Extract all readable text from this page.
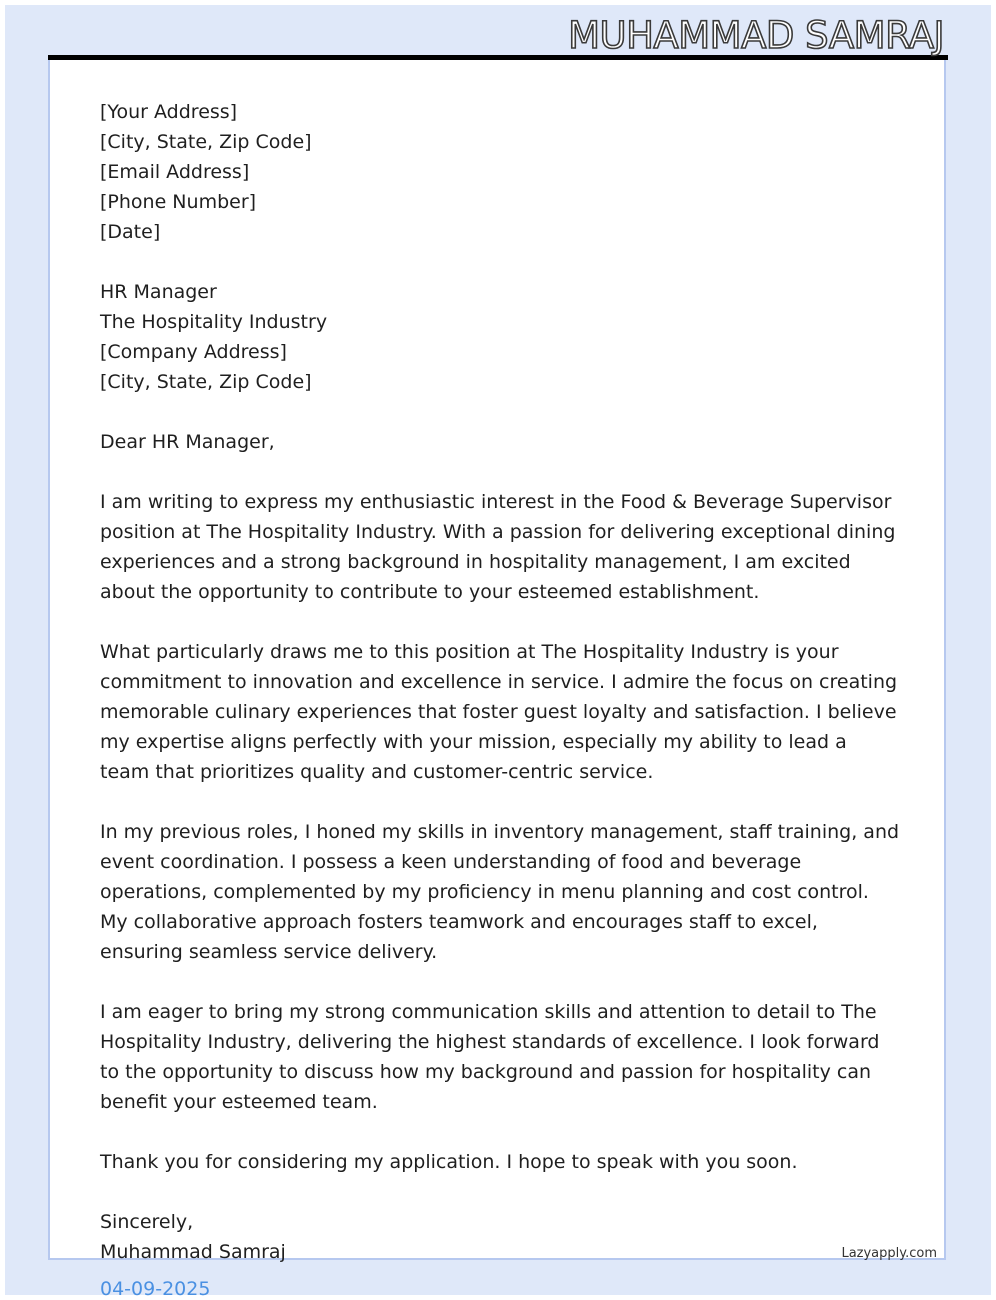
MUHAMMAD SAMRAJ

[Your Address]

[City, State, Zip Code]

[Email Address]

[Phone Number]

[Date]

HR Manager

The Hospitality Industry

[Company Address]

[City, State, Zip Code]

Dear HR Manager,

I am writing to express my enthusiastic interest in the Food & Beverage Supervisor position at The Hospitality Industry. With a passion for delivering exceptional dining experiences and a strong background in hospitality management, I am excited about the opportunity to contribute to your esteemed establishment.

What particularly draws me to this position at The Hospitality Industry is your commitment to innovation and excellence in service. I admire the focus on creating memorable culinary experiences that foster guest loyalty and satisfaction. I believe my expertise aligns perfectly with your mission, especially my ability to lead a team that prioritizes quality and customer-centric service.

In my previous roles, I honed my skills in inventory management, staff training, and event coordination. I possess a keen understanding of food and beverage operations, complemented by my proficiency in menu planning and cost control. My collaborative approach fosters teamwork and encourages staff to excel, ensuring seamless service delivery.

I am eager to bring my strong communication skills and attention to detail to The Hospitality Industry, delivering the highest standards of excellence. I look forward to the opportunity to discuss how my background and passion for hospitality can benefit your esteemed team.

Thank you for considering my application. I hope to speak with you soon.

Sincerely,

Muhammad Samraj	Lazyapply.com
04-09-2025
